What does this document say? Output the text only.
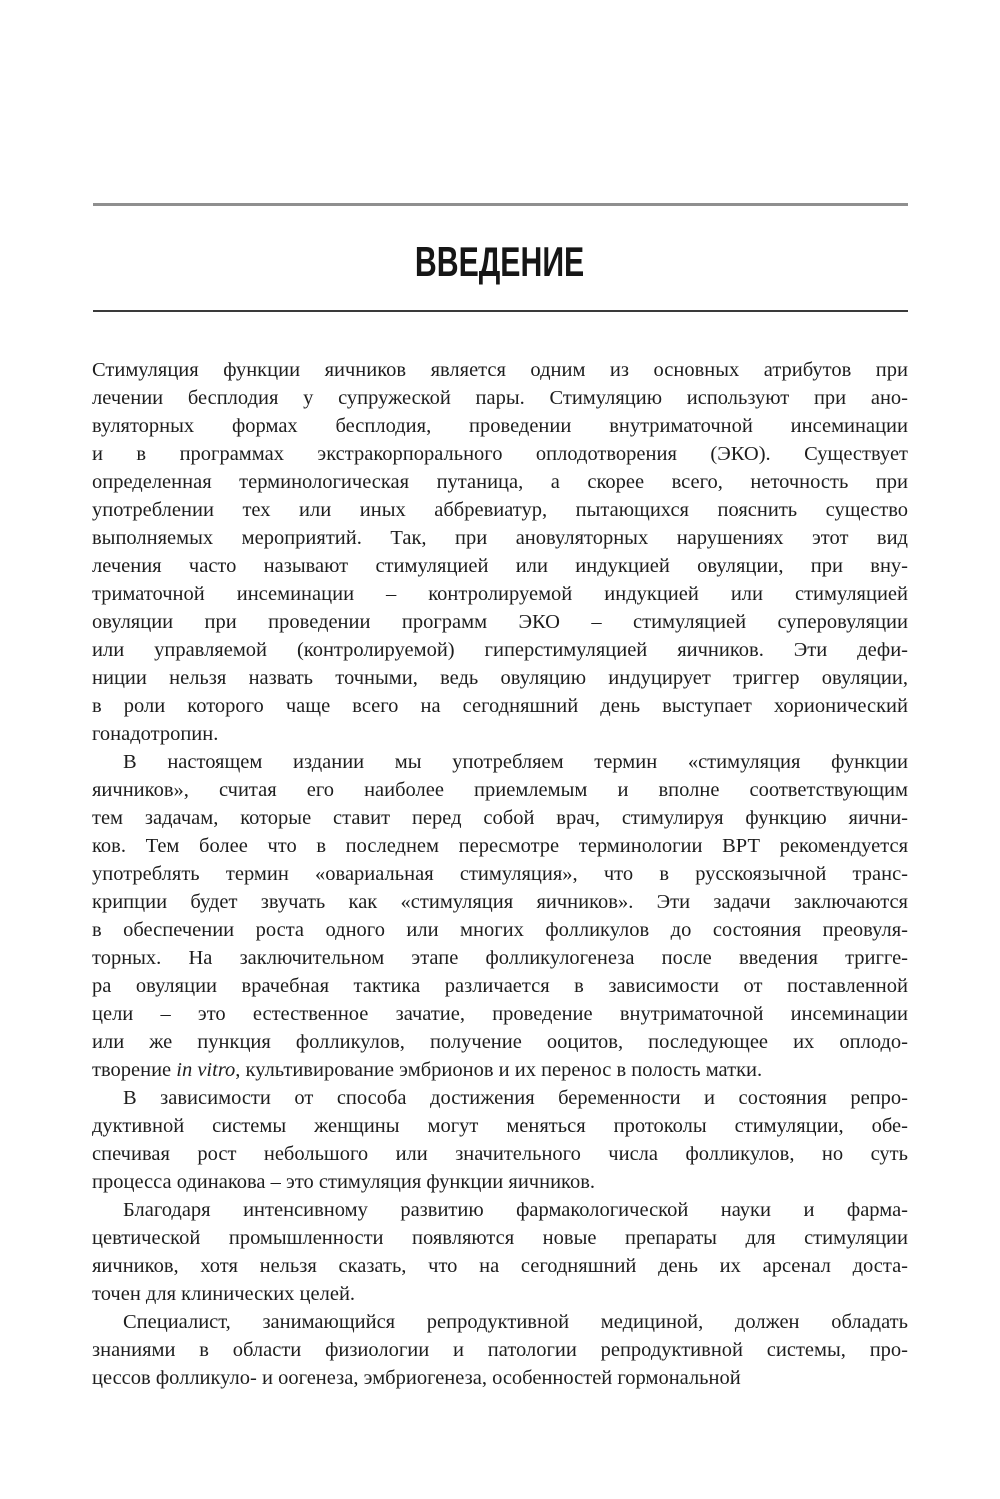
ВВЕДЕНИЕ
Стимуляция функции яичников является одним из основных атрибутов при
лечении бесплодия у супружеской пары. Стимуляцию используют при ано-
вуляторных формах бесплодия, проведении внутриматочной инсеминации
и в программах экстракорпорального оплодотворения (ЭКО). Существует
определенная терминологическая путаница, а скорее всего, неточность при
употреблении тех или иных аббревиатур, пытающихся пояснить существо
выполняемых мероприятий. Так, при ановуляторных нарушениях этот вид
лечения часто называют стимуляцией или индукцией овуляции, при вну-
триматочной инсеминации – контролируемой индукцией или стимуляцией
овуляции при проведении программ ЭКО – стимуляцией суперовуляции
или управляемой (контролируемой) гиперстимуляцией яичников. Эти дефи-
ниции нельзя назвать точными, ведь овуляцию индуцирует триггер овуляции,
в роли которого чаще всего на сегодняшний день выступает хорионический
гонадотропин.
В настоящем издании мы употребляем термин «стимуляция функции
яичников», считая его наиболее приемлемым и вполне соответствующим
тем задачам, которые ставит перед собой врач, стимулируя функцию яични-
ков. Тем более что в последнем пересмотре терминологии ВРТ рекомендуется
употреблять термин «овариальная стимуляция», что в русскоязычной транс-
крипции будет звучать как «стимуляция яичников». Эти задачи заключаются
в обеспечении роста одного или многих фолликулов до состояния преовуля-
торных. На заключительном этапе фолликулогенеза после введения тригге-
ра овуляции врачебная тактика различается в зависимости от поставленной
цели – это естественное зачатие, проведение внутриматочной инсеминации
или же пункция фолликулов, получение ооцитов, последующее их оплодо-
творение in vitro, культивирование эмбрионов и их перенос в полость матки.
В зависимости от способа достижения беременности и состояния репро-
дуктивной системы женщины могут меняться протоколы стимуляции, обе-
спечивая рост небольшого или значительного числа фолликулов, но суть
процесса одинакова – это стимуляция функции яичников.
Благодаря интенсивному развитию фармакологической науки и фарма-
цевтической промышленности появляются новые препараты для стимуляции
яичников, хотя нельзя сказать, что на сегодняшний день их арсенал доста-
точен для клинических целей.
Специалист, занимающийся репродуктивной медициной, должен обладать
знаниями в области физиологии и патологии репродуктивной системы, про-
цессов фолликуло- и оогенеза, эмбриогенеза, особенностей гормональной
